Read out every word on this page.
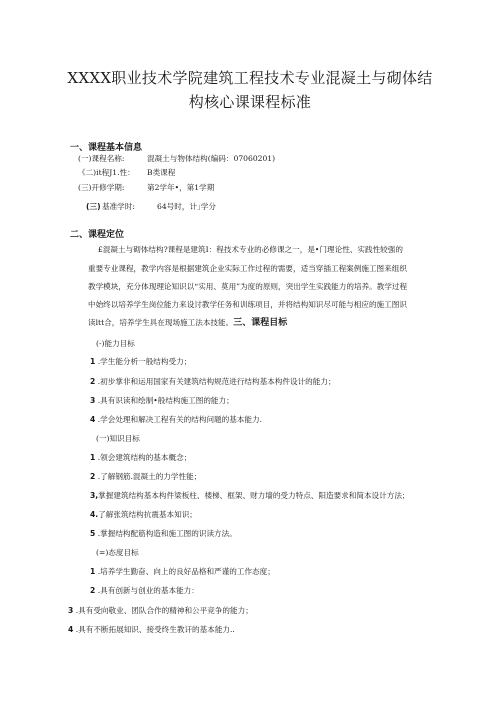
XXXX职业技术学院建筑工程技术专业混凝土与砌体结
构核心课课程标准
一、课程基本信息
(一)课程名称:	混凝土与物体结构(编码：07060201)
《二)it程J1.性： B类课程
(三)开修学期:	第2学年•，第1学期
(三) 基准学时:	64号时，计｣学分
二、课程定位
£混凝土与砌体结构?课程是建筑I：程技术专业的必修课之一，是•门理论性、实践性较强的
重要专业课程，教学内容是根据建筑企业实际工作过程的需要，适当穿插工程案例施工图来组织
教学模块，充分体现理论知识以“实用、莫用”为度的原则，突出学生实践能力的培养。教学过程
中始终以培养学生岗位能力来设讨教学任务和训练项目，并将结构知识尽可能与相应的施工图识
读ltt合，培养学生具在现场施工法本技能。三、课程目标
(-)能力目标
1 .学生能分析一般结构受力；
2 .初步掌非和运用国家有关建筑结构规范进行结构基本构件设计的能力；
3 .具有识读和绘制•般结构施工图的能力；
4 .学会处理和解决工程有关的结构问题的基本能力.
(一)知识目标
1 .领会建筑结构的基本概念；
2 .了解钢筋.混凝土的力学性能；
3,掌握建筑结构基本构件梁板柱、楼梯、框架、财力墙的受力特点、阳造要求和简本设计方法；
4.了解张筑结构抗震基本知识；
5 .掌握结构配筋构造和施工图的识读方法。
(=)态度目标
1 .培养学生勤奋、向上的良好品格和严谨的工作态度；
2 .具有创新与创业的基本能力：
3 .具有受向敬业、团队合作的精神和公平竞争的能力；
4 .具有不断拓展知识、接受终生教讦的基本能力..
